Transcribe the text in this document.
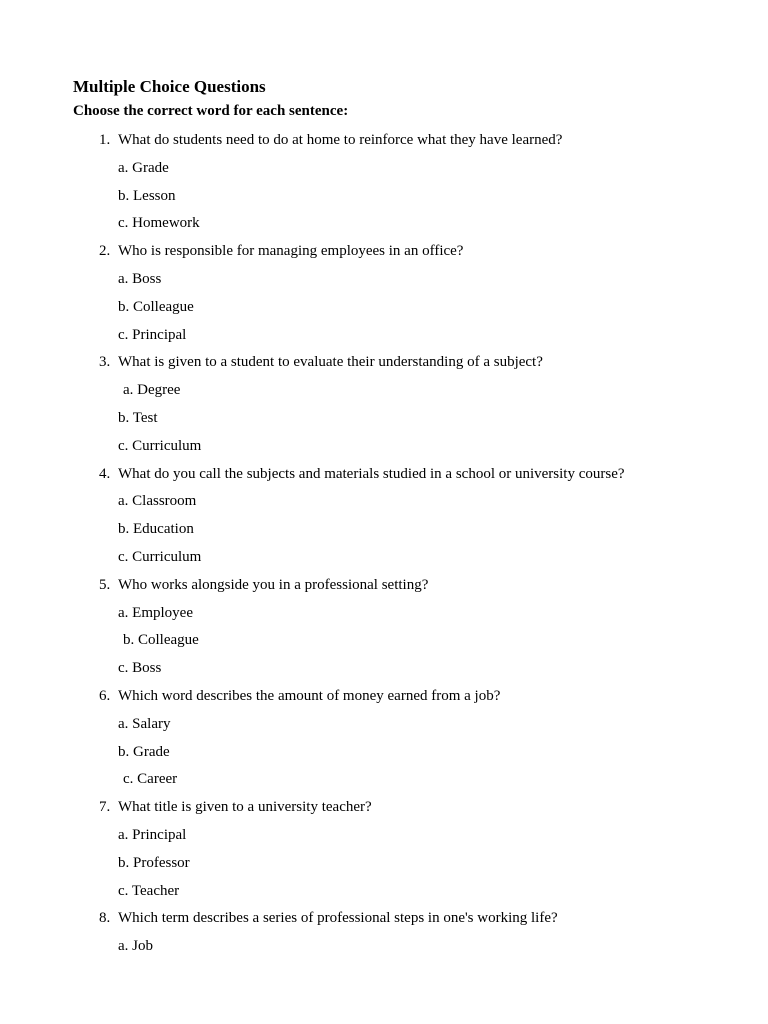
Multiple Choice Questions
Choose the correct word for each sentence:
1. What do students need to do at home to reinforce what they have learned?
a. Grade
b. Lesson
c. Homework
2. Who is responsible for managing employees in an office?
a. Boss
b. Colleague
c. Principal
3. What is given to a student to evaluate their understanding of a subject?
a. Degree
b. Test
c. Curriculum
4. What do you call the subjects and materials studied in a school or university course?
a. Classroom
b. Education
c. Curriculum
5. Who works alongside you in a professional setting?
a. Employee
b. Colleague
c. Boss
6. Which word describes the amount of money earned from a job?
a. Salary
b. Grade
c. Career
7. What title is given to a university teacher?
a. Principal
b. Professor
c. Teacher
8. Which term describes a series of professional steps in one's working life?
a. Job
